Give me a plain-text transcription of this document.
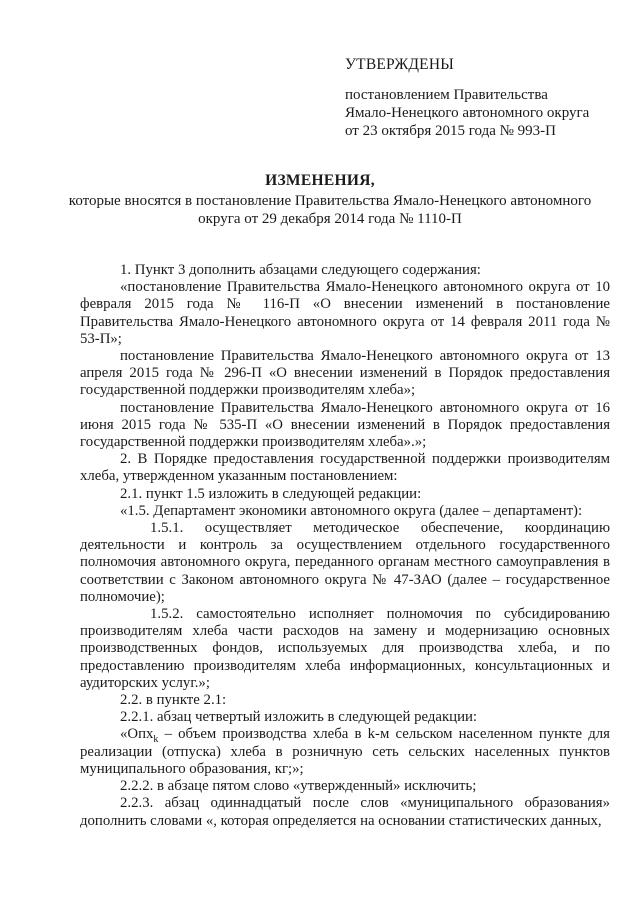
УТВЕРЖДЕНЫ
постановлением Правительства
Ямало-Ненецкого автономного округа
от 23 октября 2015 года № 993-П
ИЗМЕНЕНИЯ,
которые вносятся в постановление Правительства Ямало-Ненецкого автономного округа от 29 декабря 2014 года № 1110-П

1. Пункт 3 дополнить абзацами следующего содержания:

«постановление Правительства Ямало-Ненецкого автономного округа от 10 февраля 2015 года № 116-П «О внесении изменений в постановление Правительства Ямало-Ненецкого автономного округа от 14 февраля 2011 года № 53-П»;

постановление Правительства Ямало-Ненецкого автономного округа от 13 апреля 2015 года № 296-П «О внесении изменений в Порядок предоставления государственной поддержки производителям хлеба»;

постановление Правительства Ямало-Ненецкого автономного округа от 16 июня 2015 года № 535-П «О внесении изменений в Порядок предоставления государственной поддержки производителям хлеба».»;

2. В Порядке предоставления государственной поддержки производителям хлеба, утвержденном указанным постановлением:

2.1. пункт 1.5 изложить в следующей редакции:

«1.5. Департамент экономики автономного округа (далее – департамент):

1.5.1. осуществляет методическое обеспечение, координацию деятельности и контроль за осуществлением отдельного государственного полномочия автономного округа, переданного органам местного самоуправления в соответствии с Законом автономного округа № 47-ЗАО (далее – государственное полномочие);

1.5.2. самостоятельно исполняет полномочия по субсидированию производителям хлеба части расходов на замену и модернизацию основных производственных фондов, используемых для производства хлеба, и по предоставлению производителям хлеба информационных, консультационных и аудиторских услуг.»;

2.2. в пункте 2.1:

2.2.1. абзац четвертый изложить в следующей редакции:

«Опх$_k$ – объем производства хлеба в k-м сельском населенном пункте для реализации (отпуска) хлеба в розничную сеть сельских населенных пунктов муниципального образования, кг;»;

2.2.2. в абзаце пятом слово «утвержденный» исключить;

2.2.3. абзац одиннадцатый после слов «муниципального образования» дополнить словами «, которая определяется на основании статистических данных,
